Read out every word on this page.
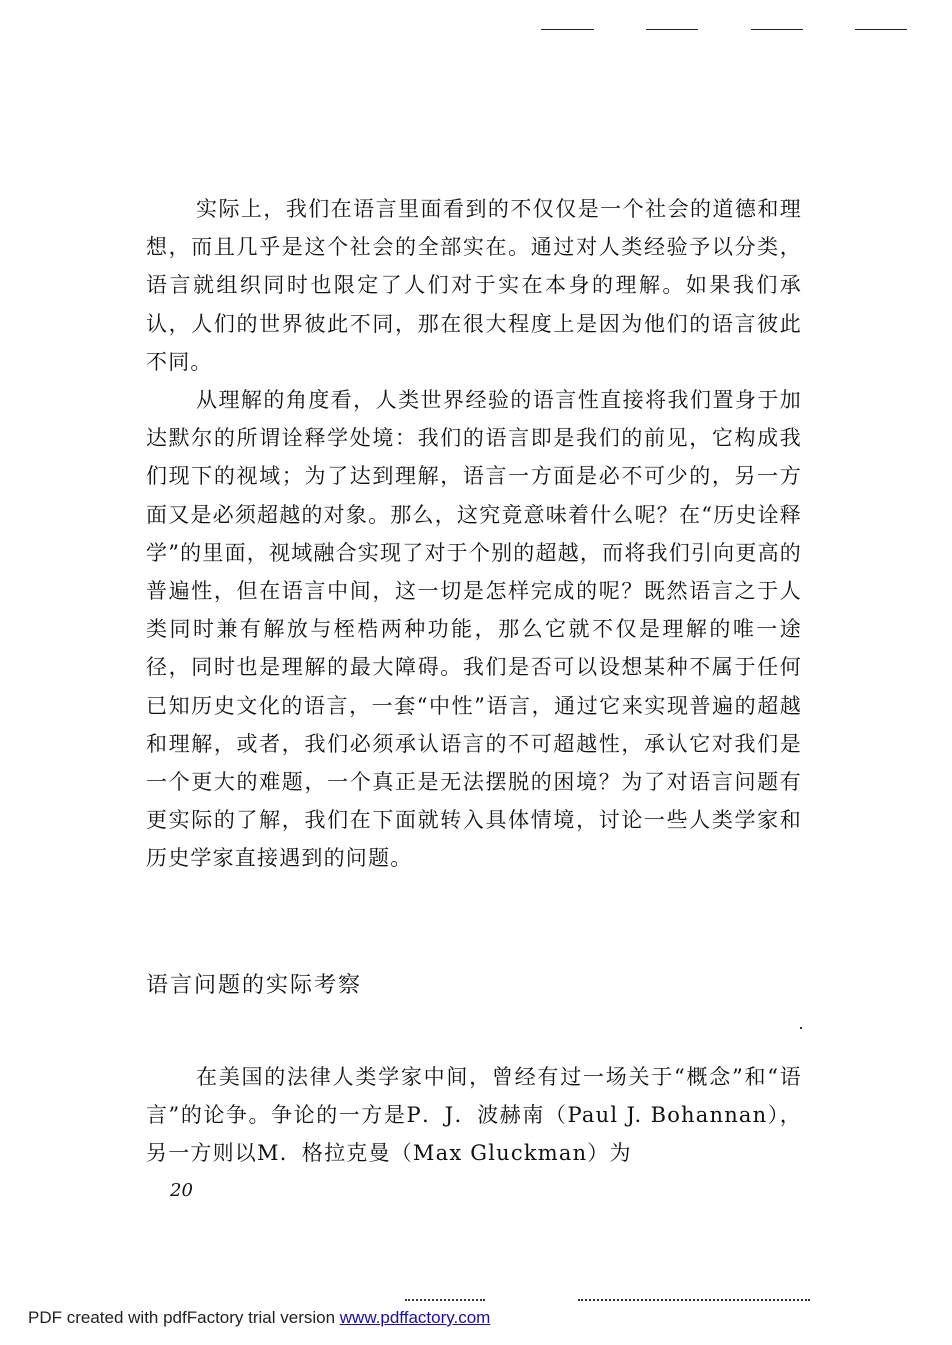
实际上，我们在语言里面看到的不仅仅是一个社会的道德和理想，而且几乎是这个社会的全部实在。通过对人类经验予以分类，语言就组织同时也限定了人们对于实在本身的理解。如果我们承认，人们的世界彼此不同，那在很大程度上是因为他们的语言彼此不同。

从理解的角度看，人类世界经验的语言性直接将我们置身于加达默尔的所谓诠释学处境：我们的语言即是我们的前见，它构成我们现下的视域；为了达到理解，语言一方面是必不可少的，另一方面又是必须超越的对象。那么，这究竟意味着什么呢？在“历史诠释学”的里面，视域融合实现了对于个别的超越，而将我们引向更高的普遍性，但在语言中间，这一切是怎样完成的呢？既然语言之于人类同时兼有解放与桎梏两种功能，那么它就不仅是理解的唯一途径，同时也是理解的最大障碍。我们是否可以设想某种不属于任何已知历史文化的语言，一套“中性”语言，通过它来实现普遍的超越和理解，或者，我们必须承认语言的不可超越性，承认它对我们是一个更大的难题，一个真正是无法摆脱的困境？为了对语言问题有更实际的了解，我们在下面就转入具体情境，讨论一些人类学家和历史学家直接遇到的问题。

语言问题的实际考察

在美国的法律人类学家中间，曾经有过一场关于“概念”和“语言”的论争。争论的一方是P．J．波赫南（Paul J. Bohannan），另一方则以M．格拉克曼（Max Gluckman）为

20
PDF created with pdfFactory trial version www.pdffactory.com
